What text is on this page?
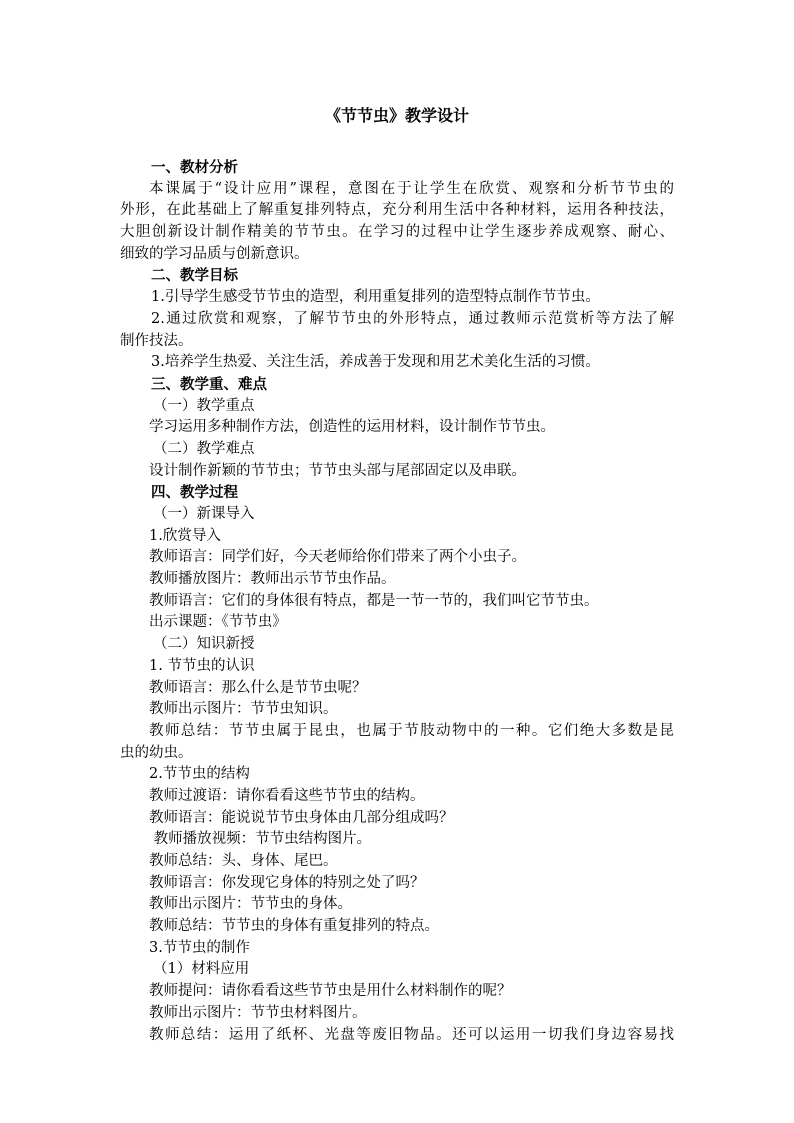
《节节虫》教学设计
一、教材分析
本课属于“设计应用”课程，意图在于让学生在欣赏、观察和分析节节虫的
外形，在此基础上了解重复排列特点，充分利用生活中各种材料，运用各种技法，
大胆创新设计制作精美的节节虫。在学习的过程中让学生逐步养成观察、耐心、
细致的学习品质与创新意识。
二、教学目标
1.引导学生感受节节虫的造型，利用重复排列的造型特点制作节节虫。
2.通过欣赏和观察，了解节节虫的外形特点，通过教师示范赏析等方法了解
制作技法。
3.培养学生热爱、关注生活，养成善于发现和用艺术美化生活的习惯。
三、教学重、难点
（一）教学重点
学习运用多种制作方法，创造性的运用材料，设计制作节节虫。
（二）教学难点
设计制作新颖的节节虫；节节虫头部与尾部固定以及串联。
四、教学过程
（一）新课导入
1.欣赏导入
教师语言：同学们好，今天老师给你们带来了两个小虫子。
教师播放图片：教师出示节节虫作品。
教师语言：它们的身体很有特点，都是一节一节的，我们叫它节节虫。
出示课题：《节节虫》
（二）知识新授
1. 节节虫的认识
教师语言：那么什么是节节虫呢？
教师出示图片：节节虫知识。
教师总结：节节虫属于昆虫，也属于节肢动物中的一种。它们绝大多数是昆
虫的幼虫。
2.节节虫的结构
教师过渡语：请你看看这些节节虫的结构。
教师语言：能说说节节虫身体由几部分组成吗？
教师播放视频：节节虫结构图片。
教师总结：头、身体、尾巴。
教师语言：你发现它身体的特别之处了吗？
教师出示图片：节节虫的身体。
教师总结：节节虫的身体有重复排列的特点。
3.节节虫的制作
（1）材料应用
教师提问：请你看看这些节节虫是用什么材料制作的呢？
教师出示图片：节节虫材料图片。
教师总结：运用了纸杯、光盘等废旧物品。还可以运用一切我们身边容易找
